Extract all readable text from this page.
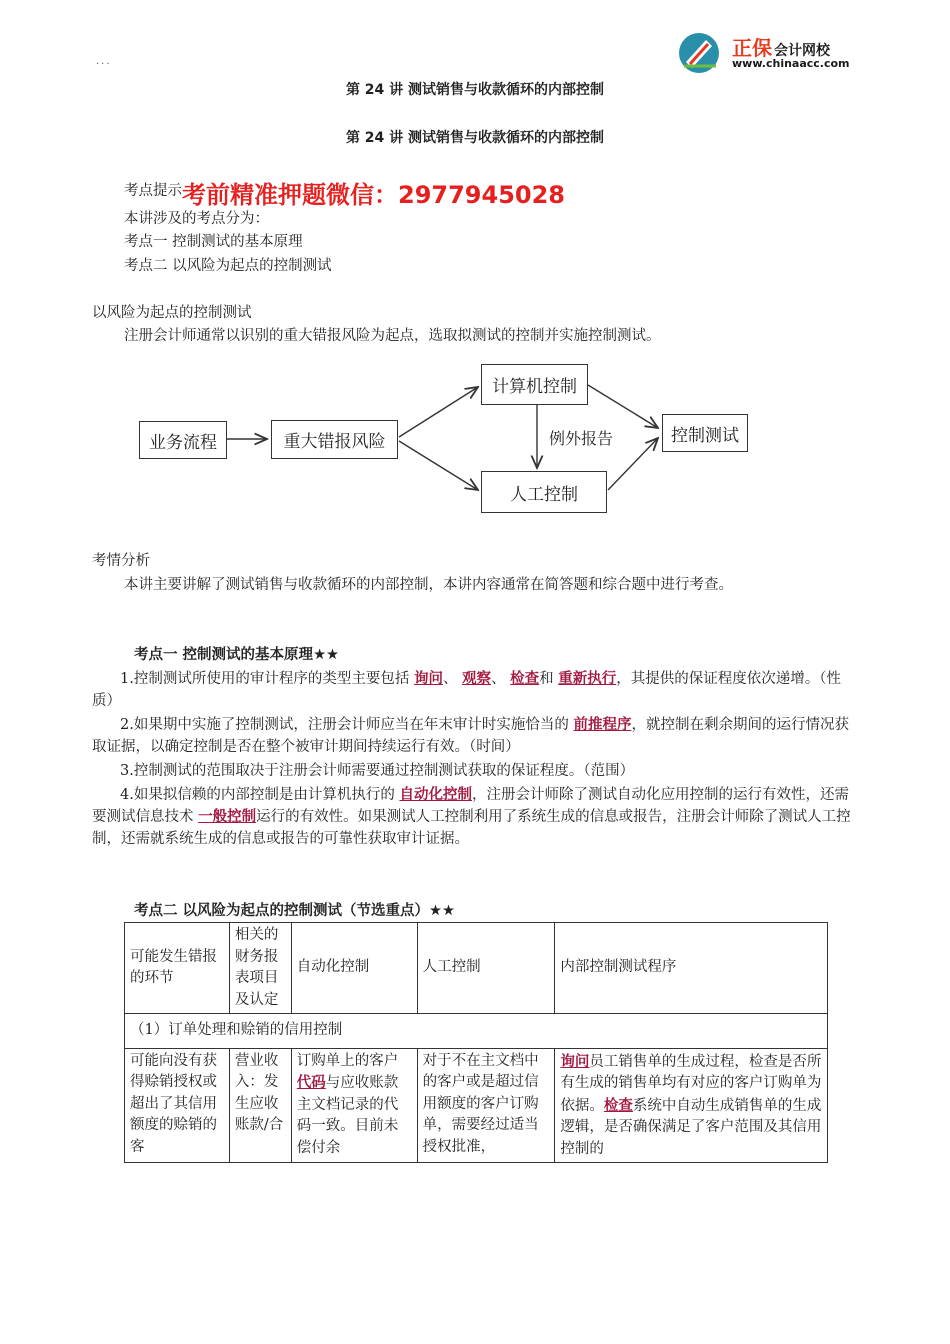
...
正保 会计网校
www.chinaacc.com
第 24 讲 测试销售与收款循环的内部控制
第 24 讲 测试销售与收款循环的内部控制
考点提示 考前精准押题微信：2977945028
本讲涉及的考点分为：
考点一 控制测试的基本原理
考点二 以风险为起点的控制测试
以风险为起点的控制测试
注册会计师通常以识别的重大错报风险为起点，选取拟测试的控制并实施控制测试。
业务流程	重大错报风险
计算机控制
人工控制
控制测试
例外报告
考情分析
本讲主要讲解了测试销售与收款循环的内部控制，本讲内容通常在简答题和综合题中进行考查。
考点一 控制测试的基本原理★★
1.控制测试所使用的审计程序的类型主要包括 询问、 观察、 检查和 重新执行，其提供的保证程度依次递增。（性质）
2.如果期中实施了控制测试，注册会计师应当在年末审计时实施恰当的 前推程序，就控制在剩余期间的运行情况获取证据，以确定控制是否在整个被审计期间持续运行有效。（时间）
3.控制测试的范围取决于注册会计师需要通过控制测试获取的保证程度。（范围）
4.如果拟信赖的内部控制是由计算机执行的 自动化控制，注册会计师除了测试自动化应用控制的运行有效性，还需要测试信息技术 一般控制运行的有效性。如果测试人工控制利用了系统生成的信息或报告，注册会计师除了测试人工控制，还需就系统生成的信息或报告的可靠性获取审计证据。
考点二 以风险为起点的控制测试（节选重点）★★
可能发生错报的环节	相关的财务报表项目及认定	自动化控制	人工控制	内部控制测试程序
（1）订单处理和赊销的信用控制				
可能向没有获得赊销授权或超出了其信用额度的赊销的客	营业收入：发生应收账款/合	订购单上的客户代码与应收账款主文档记录的代码一致。目前未偿付余	对于不在主文档中的客户或是超过信用额度的客户订购单，需要经过适当授权批准，	询问员工销售单的生成过程，检查是否所有生成的销售单均有对应的客户订购单为依据。检查系统中自动生成销售单的生成逻辑，是否确保满足了客户范围及其信用控制的
